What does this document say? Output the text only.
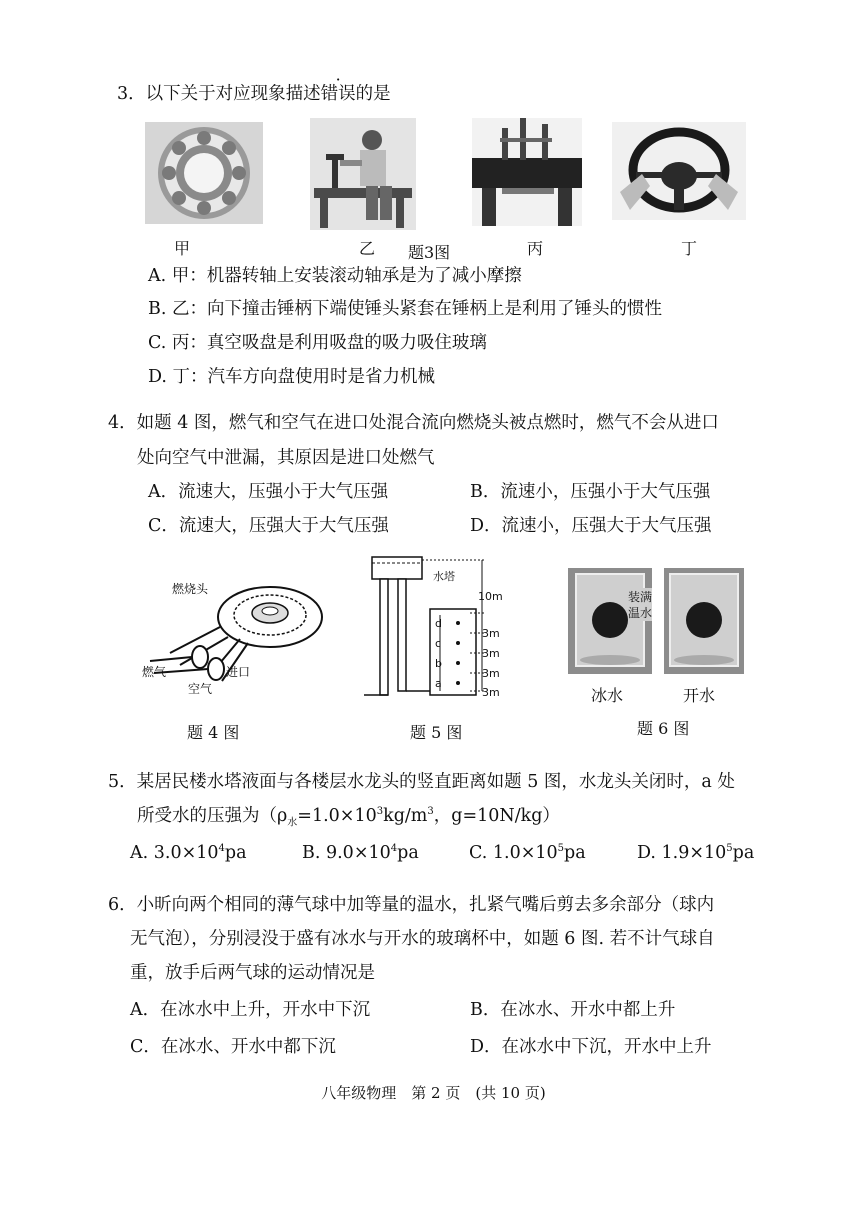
3．以下关于对应现象描述错误的是
甲	乙 题3图	丙	丁
A. 甲：机器转轴上安装滚动轴承是为了减小摩擦
B. 乙：向下撞击锤柄下端使锤头紧套在锤柄上是利用了锤头的惯性
C. 丙：真空吸盘是利用吸盘的吸力吸住玻璃
D. 丁：汽车方向盘使用时是省力机械
4．如题 4 图，燃气和空气在进口处混合流向燃烧头被点燃时，燃气不会从进口
处向空气中泄漏，其原因是进口处燃气
A．流速大，压强小于大气压强	B．流速小，压强小于大气压强
C．流速大，压强大于大气压强	D．流速小，压强大于大气压强
燃烧头
燃气
空气
进口
题 4 图
水塔
10m
3m
3m
3m
3m
d
c
b
a
题 5 图
装满
温水
冰水	开水
题 6 图
5．某居民楼水塔液面与各楼层水龙头的竖直距离如题 5 图，水龙头关闭时，a 处
所受水的压强为（$\rho_水=1.0\times 10^3kg/m^3$，g=10N/kg）
A. $3.0\times 10^4pa$	B. $9.0\times 10^4pa$	C. $1.0\times 10^5pa$	D. $1.9\times 10^5pa$
6．小昕向两个相同的薄气球中加等量的温水，扎紧气嘴后剪去多余部分（球内
无气泡），分别浸没于盛有冰水与开水的玻璃杯中，如题 6 图. 若不计气球自
重，放手后两气球的运动情况是
A．在冰水中上升，开水中下沉	B．在冰水、开水中都上升
C．在冰水、开水中都下沉	D．在冰水中下沉，开水中上升
八年级物理　第 2 页　(共 10 页)
